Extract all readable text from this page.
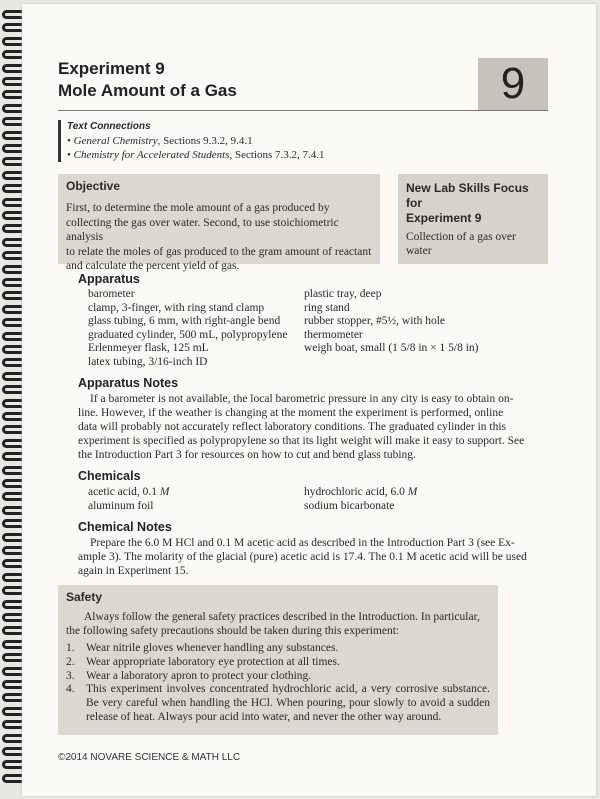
Experiment 9
Mole Amount of a Gas	9
Text Connections
• General Chemistry, Sections 9.3.2, 9.4.1
• Chemistry for Accelerated Students, Sections 7.3.2, 7.4.1
Objective
First, to determine the mole amount of a gas produced by
collecting the gas over water. Second, to use stoichiometric analysis
to relate the moles of gas produced to the gram amount of reactant
and calculate the percent yield of gas.
New Lab Skills Focus for
Experiment 9
Collection of a gas over
water
Apparatus
barometer
clamp, 3-finger, with ring stand clamp
glass tubing, 6 mm, with right-angle bend
graduated cylinder, 500 mL, polypropylene
Erlenmeyer flask, 125 mL
latex tubing, 3/16-inch ID
plastic tray, deep
ring stand
rubber stopper, #5½, with hole
thermometer
weigh boat, small (1 5/8 in × 1 5/8 in)
Apparatus Notes
If a barometer is not available, the local barometric pressure in any city is easy to obtain on-
line. However, if the weather is changing at the moment the experiment is performed, online
data will probably not accurately reflect laboratory conditions. The graduated cylinder in this
experiment is specified as polypropylene so that its light weight will make it easy to support. See
the Introduction Part 3 for resources on how to cut and bend glass tubing.
Chemicals
acetic acid, 0.1 M
aluminum foil
hydrochloric acid, 6.0 M
sodium bicarbonate
Chemical Notes
Prepare the 6.0 M HCl and 0.1 M acetic acid as described in the Introduction Part 3 (see Ex-
ample 3). The molarity of the glacial (pure) acetic acid is 17.4. The 0.1 M acetic acid will be used
again in Experiment 15.
Safety
Always follow the general safety practices described in the Introduction. In particular, the following safety precautions should be taken during this experiment:
1. Wear nitrile gloves whenever handling any substances.
2. Wear appropriate laboratory eye protection at all times.
3. Wear a laboratory apron to protect your clothing.
4. This experiment involves concentrated hydrochloric acid, a very corrosive substance. Be very careful when handling the HCl. When pouring, pour slowly to avoid a sudden release of heat. Always pour acid into water, and never the other way around.
©2014 NOVARE SCIENCE & MATH LLC
